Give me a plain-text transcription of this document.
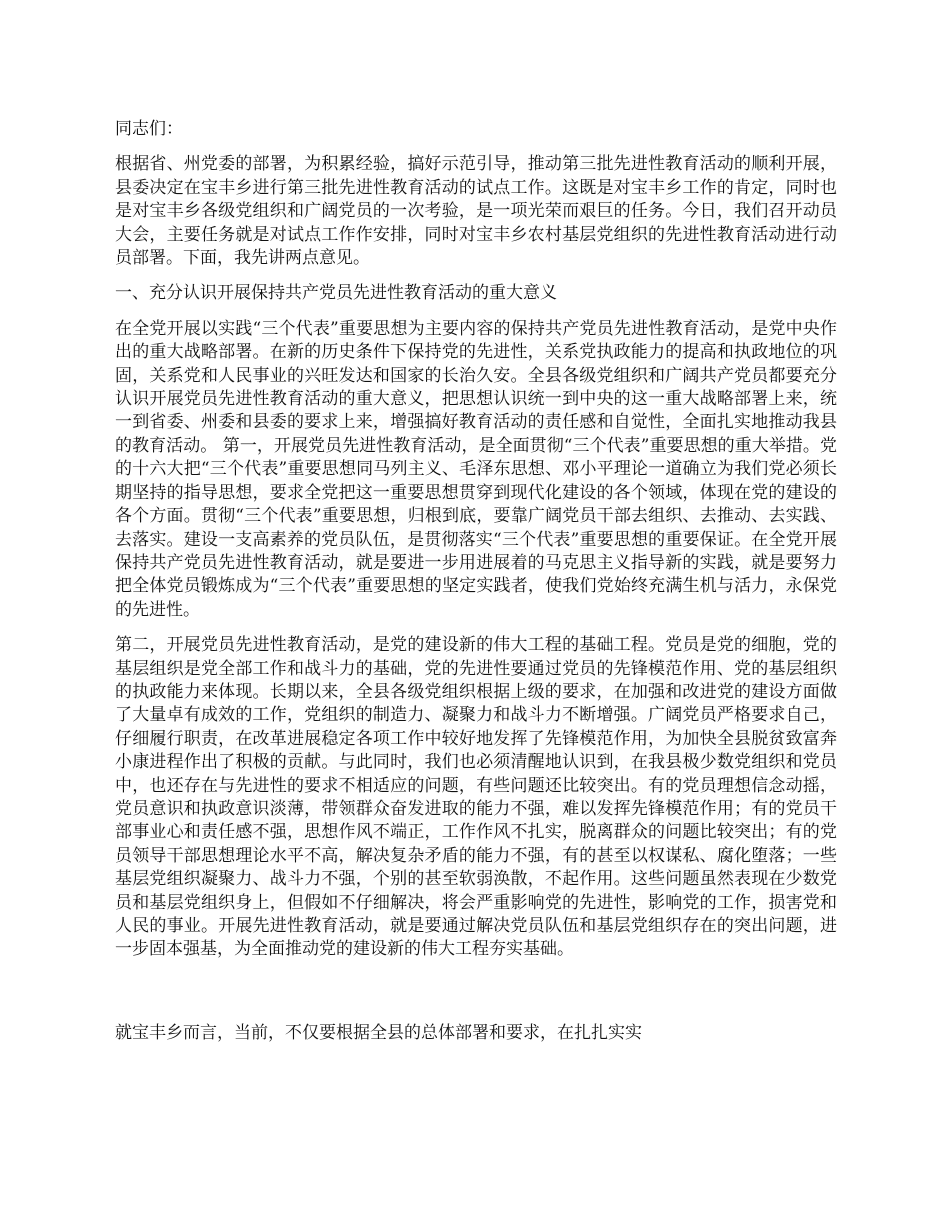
同志们：

根据省、州党委的部署，为积累经验，搞好示范引导，推动第三批先进性教育活动的顺利开展，县委决定在宝丰乡进行第三批先进性教育活动的试点工作。这既是对宝丰乡工作的肯定，同时也是对宝丰乡各级党组织和广阔党员的一次考验，是一项光荣而艰巨的任务。今日，我们召开动员大会，主要任务就是对试点工作作安排，同时对宝丰乡农村基层党组织的先进性教育活动进行动员部署。下面，我先讲两点意见。

一、充分认识开展保持共产党员先进性教育活动的重大意义

在全党开展以实践“三个代表”重要思想为主要内容的保持共产党员先进性教育活动，是党中央作出的重大战略部署。在新的历史条件下保持党的先进性，关系党执政能力的提高和执政地位的巩固，关系党和人民事业的兴旺发达和国家的长治久安。全县各级党组织和广阔共产党员都要充分认识开展党员先进性教育活动的重大意义，把思想认识统一到中央的这一重大战略部署上来，统一到省委、州委和县委的要求上来，增强搞好教育活动的责任感和自觉性，全面扎实地推动我县的教育活动。 第一，开展党员先进性教育活动，是全面贯彻“三个代表”重要思想的重大举措。党的十六大把“三个代表”重要思想同马列主义、毛泽东思想、邓小平理论一道确立为我们党必须长期坚持的指导思想，要求全党把这一重要思想贯穿到现代化建设的各个领域，体现在党的建设的各个方面。贯彻“三个代表”重要思想，归根到底，要靠广阔党员干部去组织、去推动、去实践、去落实。建设一支高素养的党员队伍，是贯彻落实“三个代表”重要思想的重要保证。在全党开展保持共产党员先进性教育活动，就是要进一步用进展着的马克思主义指导新的实践，就是要努力把全体党员锻炼成为“三个代表”重要思想的坚定实践者，使我们党始终充满生机与活力，永保党的先进性。

第二，开展党员先进性教育活动，是党的建设新的伟大工程的基础工程。党员是党的细胞，党的基层组织是党全部工作和战斗力的基础，党的先进性要通过党员的先锋模范作用、党的基层组织的执政能力来体现。长期以来，全县各级党组织根据上级的要求，在加强和改进党的建设方面做了大量卓有成效的工作，党组织的制造力、凝聚力和战斗力不断增强。广阔党员严格要求自己，仔细履行职责，在改革进展稳定各项工作中较好地发挥了先锋模范作用，为加快全县脱贫致富奔小康进程作出了积极的贡献。与此同时，我们也必须清醒地认识到，在我县极少数党组织和党员中，也还存在与先进性的要求不相适应的问题，有些问题还比较突出。有的党员理想信念动摇，党员意识和执政意识淡薄，带领群众奋发进取的能力不强，难以发挥先锋模范作用；有的党员干部事业心和责任感不强，思想作风不端正，工作作风不扎实，脱离群众的问题比较突出；有的党员领导干部思想理论水平不高，解决复杂矛盾的能力不强，有的甚至以权谋私、腐化堕落；一些基层党组织凝聚力、战斗力不强，个别的甚至软弱涣散，不起作用。这些问题虽然表现在少数党员和基层党组织身上，但假如不仔细解决，将会严重影响党的先进性，影响党的工作，损害党和人民的事业。开展先进性教育活动，就是要通过解决党员队伍和基层党组织存在的突出问题，进一步固本强基，为全面推动党的建设新的伟大工程夯实基础。

就宝丰乡而言，当前，不仅要根据全县的总体部署和要求，在扎扎实实
